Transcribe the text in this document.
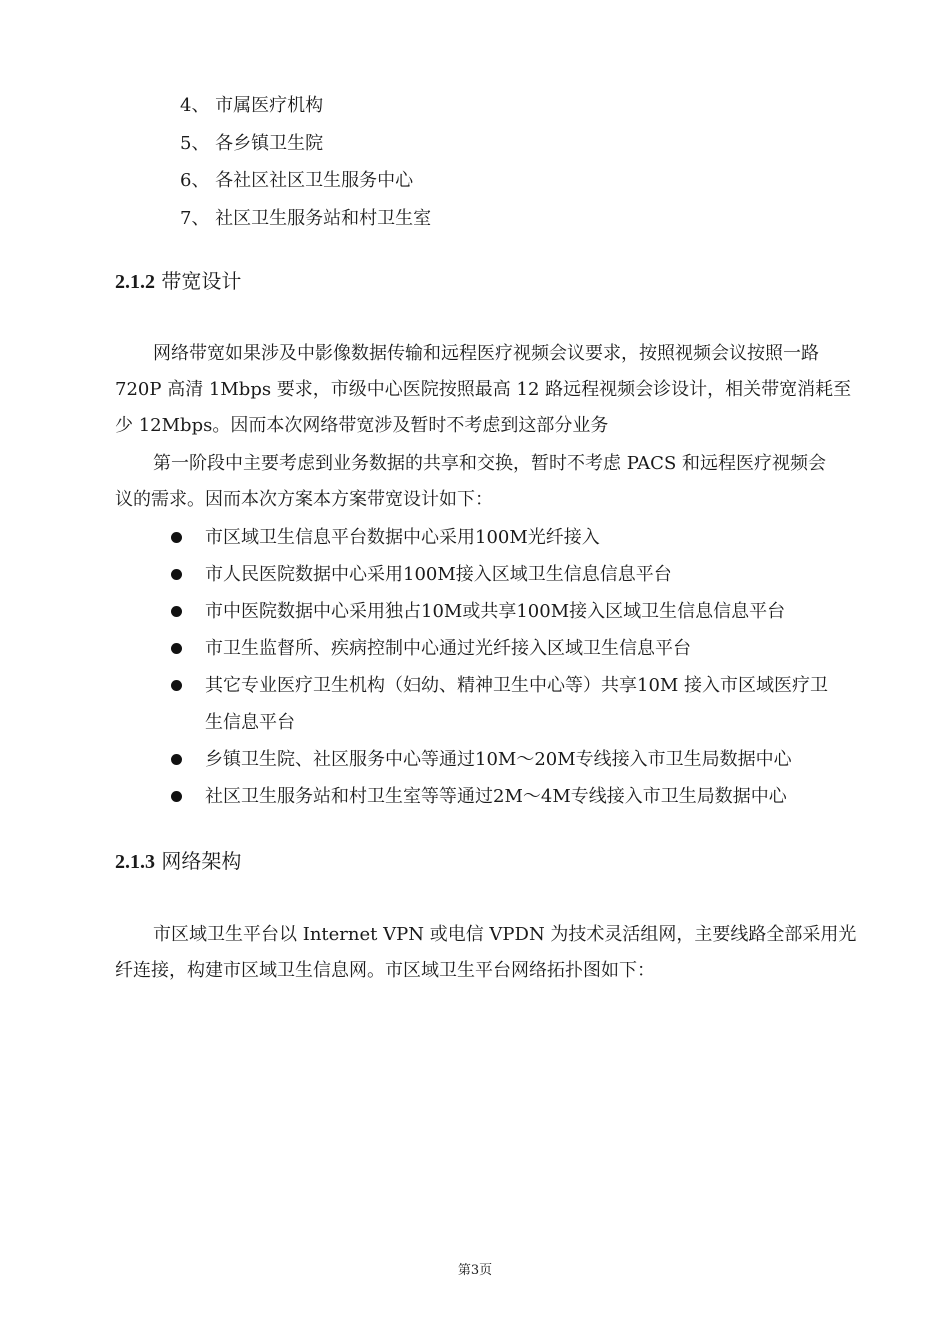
4、 市属医疗机构
5、 各乡镇卫生院
6、 各社区社区卫生服务中心
7、 社区卫生服务站和村卫生室
2.1.2 带宽设计
网络带宽如果涉及中影像数据传输和远程医疗视频会议要求，按照视频会议按照一路
720P 高清 1Mbps 要求，市级中心医院按照最高 12 路远程视频会诊设计，相关带宽消耗至
少 12Mbps。因而本次网络带宽涉及暂时不考虑到这部分业务
第一阶段中主要考虑到业务数据的共享和交换，暂时不考虑 PACS 和远程医疗视频会
议的需求。因而本次方案本方案带宽设计如下：
市区域卫生信息平台数据中心采用100M光纤接入
市人民医院数据中心采用100M接入区域卫生信息信息平台
市中医院数据中心采用独占10M或共享100M接入区域卫生信息信息平台
市卫生监督所、疾病控制中心通过光纤接入区域卫生信息平台
其它专业医疗卫生机构（妇幼、精神卫生中心等）共享10M 接入市区域医疗卫
生信息平台
乡镇卫生院、社区服务中心等通过10M～20M专线接入市卫生局数据中心
社区卫生服务站和村卫生室等等通过2M～4M专线接入市卫生局数据中心
2.1.3 网络架构
市区域卫生平台以 Internet VPN 或电信 VPDN 为技术灵活组网，主要线路全部采用光
纤连接，构建市区域卫生信息网。市区域卫生平台网络拓扑图如下：
第3页
